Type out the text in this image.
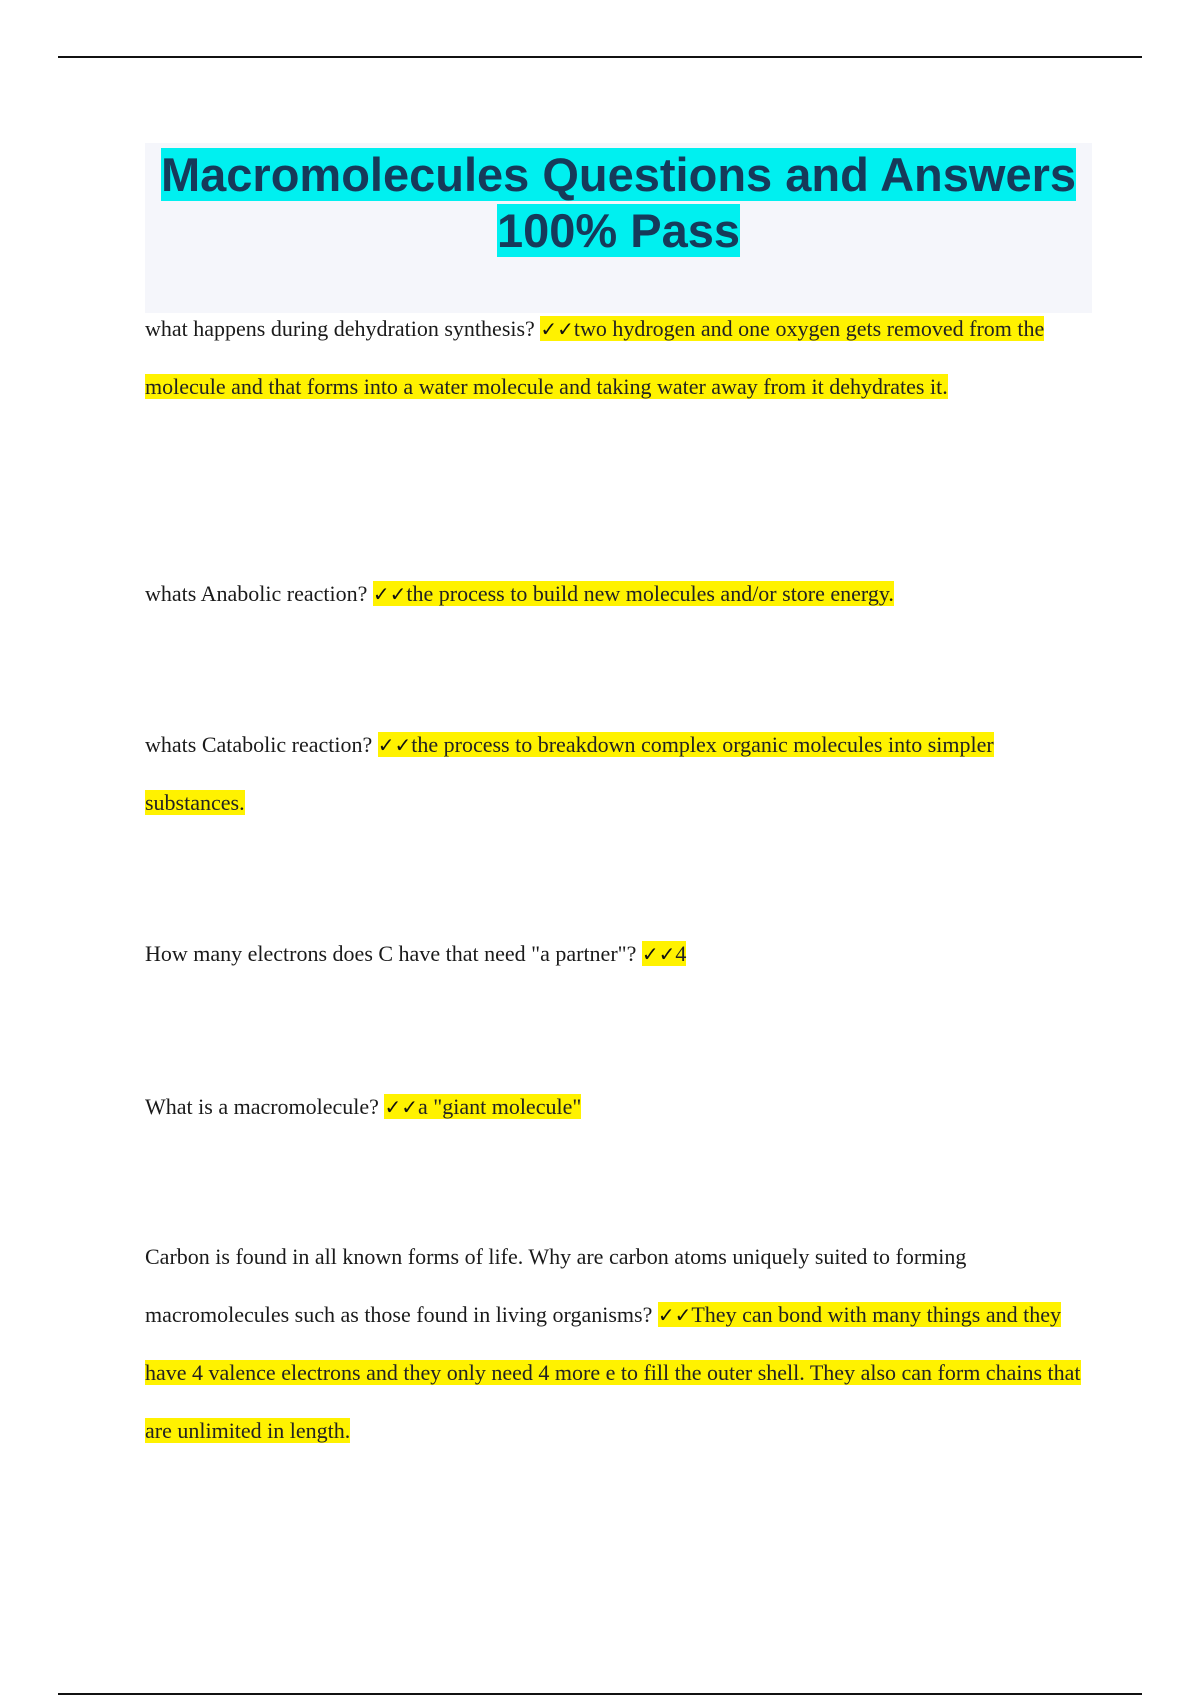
Macromolecules Questions and Answers
100% Pass

what happens during dehydration synthesis? ✓✓two hydrogen and one oxygen gets removed from the molecule and that forms into a water molecule and taking water away from it dehydrates it.

whats Anabolic reaction? ✓✓the process to build new molecules and/or store energy.

whats Catabolic reaction? ✓✓the process to breakdown complex organic molecules into simpler substances.

How many electrons does C have that need "a partner"? ✓✓4

What is a macromolecule? ✓✓a "giant molecule"

Carbon is found in all known forms of life. Why are carbon atoms uniquely suited to forming macromolecules such as those found in living organisms? ✓✓They can bond with many things and they have 4 valence electrons and they only need 4 more e to fill the outer shell. They also can form chains that are unlimited in length.
